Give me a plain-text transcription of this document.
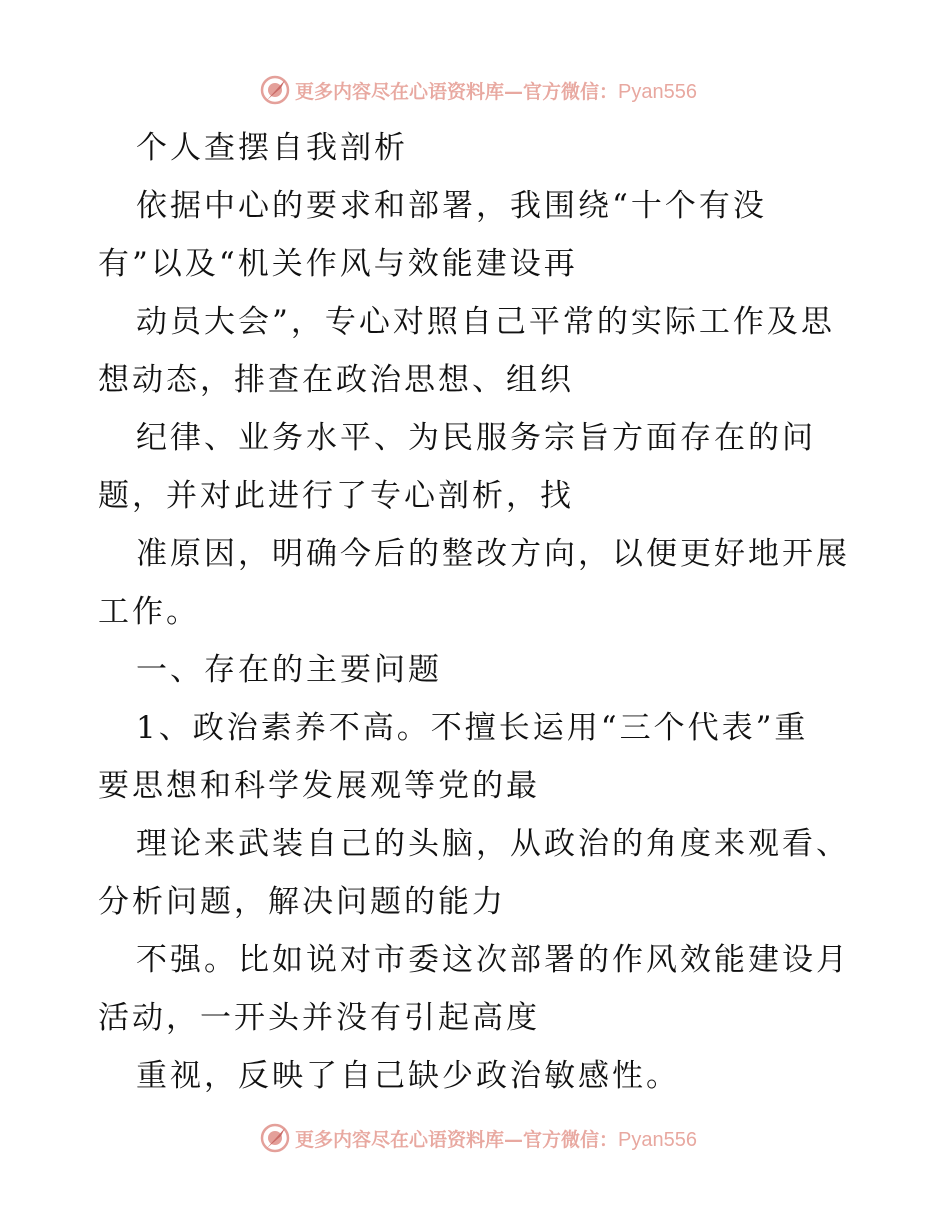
更多内容尽在心语资料库—官方微信：Pyan556
个人查摆自我剖析
依据中心的要求和部署，我围绕“十个有没
有”以及“机关作风与效能建设再
动员大会”，专心对照自己平常的实际工作及思
想动态，排查在政治思想、组织
纪律、业务水平、为民服务宗旨方面存在的问
题，并对此进行了专心剖析，找
准原因，明确今后的整改方向，以便更好地开展
工作。
一、存在的主要问题
1、政治素养不高。不擅长运用“三个代表”重
要思想和科学发展观等党的最
理论来武装自己的头脑，从政治的角度来观看、
分析问题，解决问题的能力
不强。比如说对市委这次部署的作风效能建设月
活动，一开头并没有引起高度
重视，反映了自己缺少政治敏感性。
更多内容尽在心语资料库—官方微信：Pyan556
